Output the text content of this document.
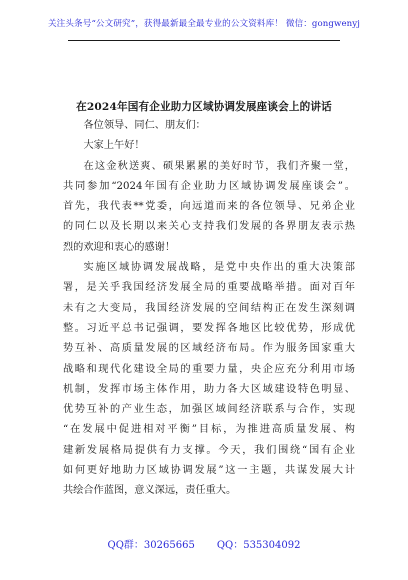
关注头条号“公文研究”，获得最新最全最专业的公文资料库！ 微信：gongwenyj
在2024年国有企业助力区域协调发展座谈会上的讲话

各位领导、同仁、朋友们：

大家上午好！

在这金秋送爽、硕果累累的美好时节，我们齐聚一堂，

共同参加“2024年国有企业助力区域协调发展座谈会”。

首先，我代表**党委，向远道而来的各位领导、兄弟企业

的同仁以及长期以来关心支持我们发展的各界朋友表示热

烈的欢迎和衷心的感谢！

实施区域协调发展战略，是党中央作出的重大决策部

署，是关乎我国经济发展全局的重要战略举措。面对百年

未有之大变局，我国经济发展的空间结构正在发生深刻调

整。习近平总书记强调，要发挥各地区比较优势，形成优

势互补、高质量发展的区域经济布局。作为服务国家重大

战略和现代化建设全局的重要力量，央企应充分利用市场

机制，发挥市场主体作用，助力各大区域建设特色明显、

优势互补的产业生态，加强区域间经济联系与合作，实现

“在发展中促进相对平衡”目标，为推进高质量发展、构

建新发展格局提供有力支撑。今天，我们围绕“国有企业

如何更好地助力区域协调发展”这一主题，共谋发展大计

共绘合作蓝图，意义深远，责任重大。

QQ群：30265665 QQ：535304092
